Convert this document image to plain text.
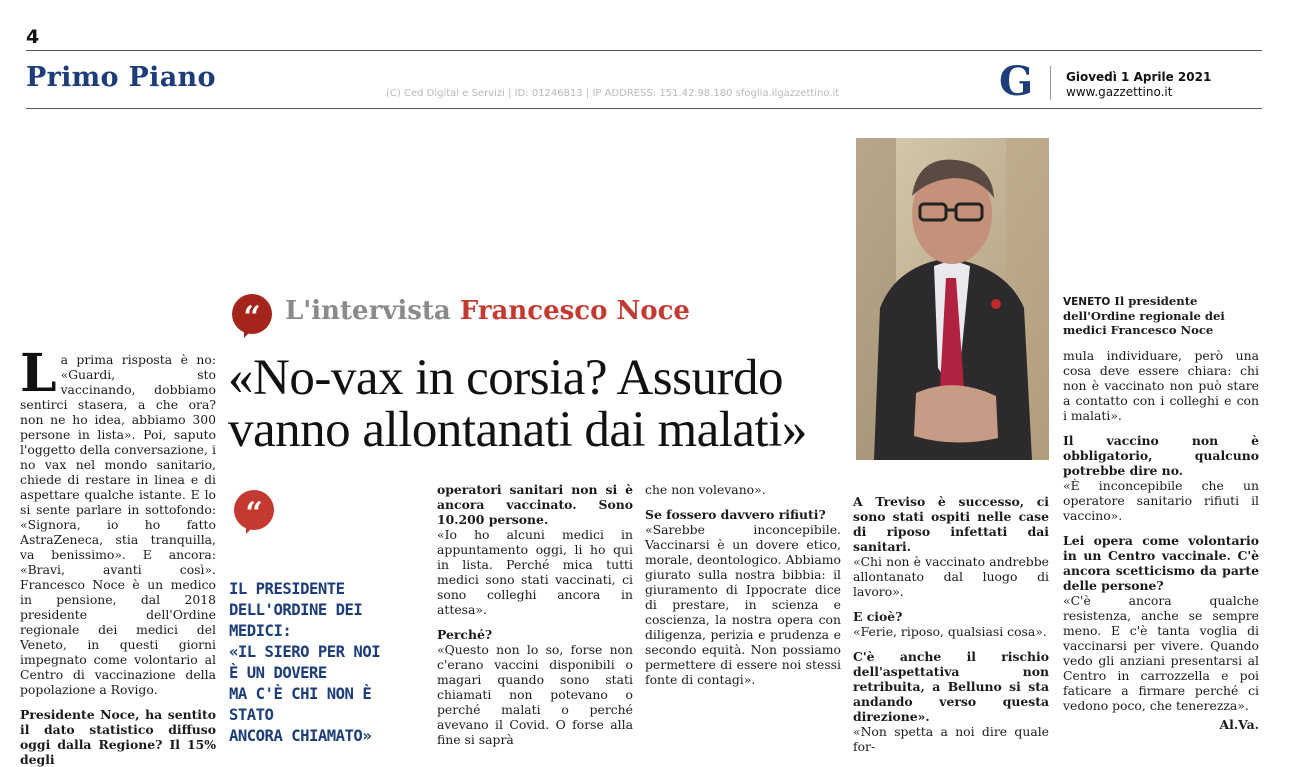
4
Primo Piano
(C) Ced Digital e Servizi | ID: 01246813 | IP ADDRESS: 151.42.98.180 sfoglia.ilgazzettino.it	G	Giovedì 1 Aprile 2021
www.gazzettino.it
“ L'intervista Francesco Noce
«No-vax in corsia? Assurdo
vanno allontanati dai malati»

L a prima risposta è no: «Guardi, sto vaccinando, dobbiamo sentirci stasera, a che ora? non ne ho idea, abbiamo 300 persone in lista». Poi, saputo l'oggetto della conversazione, i no vax nel mondo sanitario, chiede di restare in linea e di aspettare qualche istante. E lo si sente parlare in sottofondo: «Signora, io ho fatto AstraZeneca, stia tranquilla, va benissimo». E ancora: «Bravi, avanti così». Francesco Noce è un medico in pensione, dal 2018 presidente dell'Ordine regionale dei medici del Veneto, in questi giorni impegnato come volontario al Centro di vaccinazione della popolazione a Rovigo.

Presidente Noce, ha sentito il dato statistico diffuso oggi dalla Regione? Il 15% degli

“
IL PRESIDENTE
DELL'ORDINE DEI MEDICI:
«IL SIERO PER NOI
È UN DOVERE
MA C'È CHI NON È STATO
ANCORA CHIAMATO»

operatori sanitari non si è ancora vaccinato. Sono 10.200 persone.

«Io ho alcuni medici in appuntamento oggi, li ho qui in lista. Perché mica tutti medici sono stati vaccinati, ci sono colleghi ancora in attesa».

Perché?

«Questo non lo so, forse non c'erano vaccini disponibili o magari quando sono stati chiamati non potevano o perché malati o perché avevano il Covid. O forse alla fine si saprà

che non volevano».

Se fossero davvero rifiuti?

«Sarebbe inconcepibile. Vaccinarsi è un dovere etico, morale, deontologico. Abbiamo giurato sulla nostra bibbia: il giuramento di Ippocrate dice di prestare, in scienza e coscienza, la nostra opera con diligenza, perizia e prudenza e secondo equità. Non possiamo permettere di essere noi stessi fonte di contagi».

A Treviso è successo, ci sono stati ospiti nelle case di riposo infettati dai sanitari.

«Chi non è vaccinato andrebbe allontanato dal luogo di lavoro».

E cioè?

«Ferie, riposo, qualsiasi cosa».

C'è anche il rischio dell'aspettativa non retribuita, a Belluno si sta andando verso questa direzione».

«Non spetta a noi dire quale for-

VENETO Il presidente dell'Ordine regionale dei medici Francesco Noce

mula individuare, però una cosa deve essere chiara: chi non è vaccinato non può stare a contatto con i colleghi e con i malati».

Il vaccino non è obbligatorio, qualcuno potrebbe dire no.

«È inconcepibile che un operatore sanitario rifiuti il vaccino».

Lei opera come volontario in un Centro vaccinale. C'è ancora scetticismo da parte delle persone?

«C'è ancora qualche resistenza, anche se sempre meno. E c'è tanta voglia di vaccinarsi per vivere. Quando vedo gli anziani presentarsi al Centro in carrozzella e poi faticare a firmare perché ci vedono poco, che tenerezza».

Al.Va.
